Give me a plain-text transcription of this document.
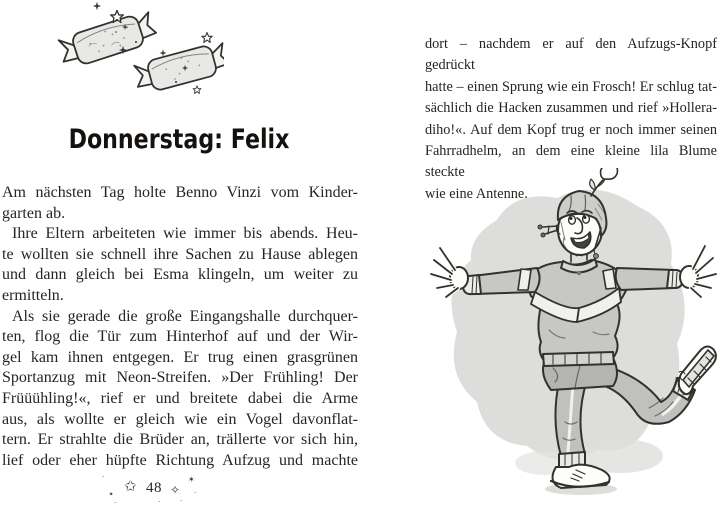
Donnerstag: Felix
Am nächsten Tag holte Benno Vinzi vom Kinder-
garten ab.
Ihre Eltern arbeiteten wie immer bis abends. Heu-
te wollten sie schnell ihre Sachen zu Hause ablegen
und dann gleich bei Esma klingeln, um weiter zu
ermitteln.
Als sie gerade die große Eingangshalle durchquer-
ten, flog die Tür zum Hinterhof auf und der Wir-
gel kam ihnen entgegen. Er trug einen grasgrünen
Sportanzug mit Neon-Streifen. »Der Frühling! Der
Früüühling!«, rief er und breitete dabei die Arme
aus, als wollte er gleich wie ein Vogel davonflat-
tern. Er strahlte die Brüder an, trällerte vor sich hin,
lief oder eher hüpfte Richtung Aufzug und machte
·
⋆ ✩ 48 ✧
✶
·	·	·
·
dort – nachdem er auf den Aufzugs-Knopf gedrückt
hatte – einen Sprung wie ein Frosch! Er schlug tat-
sächlich die Hacken zusammen und rief »Hollera-
diho!«. Auf dem Kopf trug er noch immer seinen
Fahrradhelm, an dem eine kleine lila Blume steckte
wie eine Antenne.
